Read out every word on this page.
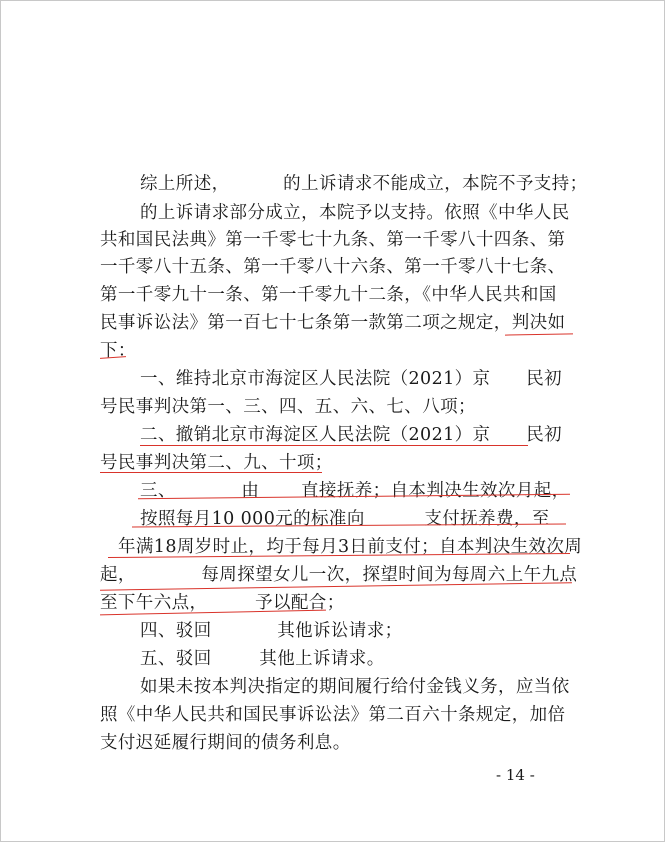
综上所述，         的上诉请求不能成立，本院不予支持；

的上诉请求部分成立，本院予以支持。依照《中华人民

共和国民法典》第一千零七十九条、第一千零八十四条、第

一千零八十五条、第一千零八十六条、第一千零八十七条、

第一千零九十一条、第一千零九十二条，《中华人民共和国

民事诉讼法》第一百七十七条第一款第二项之规定，判决如

下：

一、维持北京市海淀区人民法院（2021）京      民初

号民事判决第一、三、四、五、六、七、八项；

二、撤销北京市海淀区人民法院（2021）京      民初

号民事判决第二、九、十项；

三、           由       直接抚养；自本判决生效次月起，

按照每月10 000元的标准向          支付抚养费，至

年满18周岁时止，均于每月3日前支付；自本判决生效次周

起，           每周探望女儿一次，探望时间为每周六上午九点

至下午六点，        予以配合；

四、驳回           其他诉讼请求；

五、驳回        其他上诉请求。

如果未按本判决指定的期间履行给付金钱义务，应当依

照《中华人民共和国民事诉讼法》第二百六十条规定，加倍

支付迟延履行期间的债务利息。

- 14 -
